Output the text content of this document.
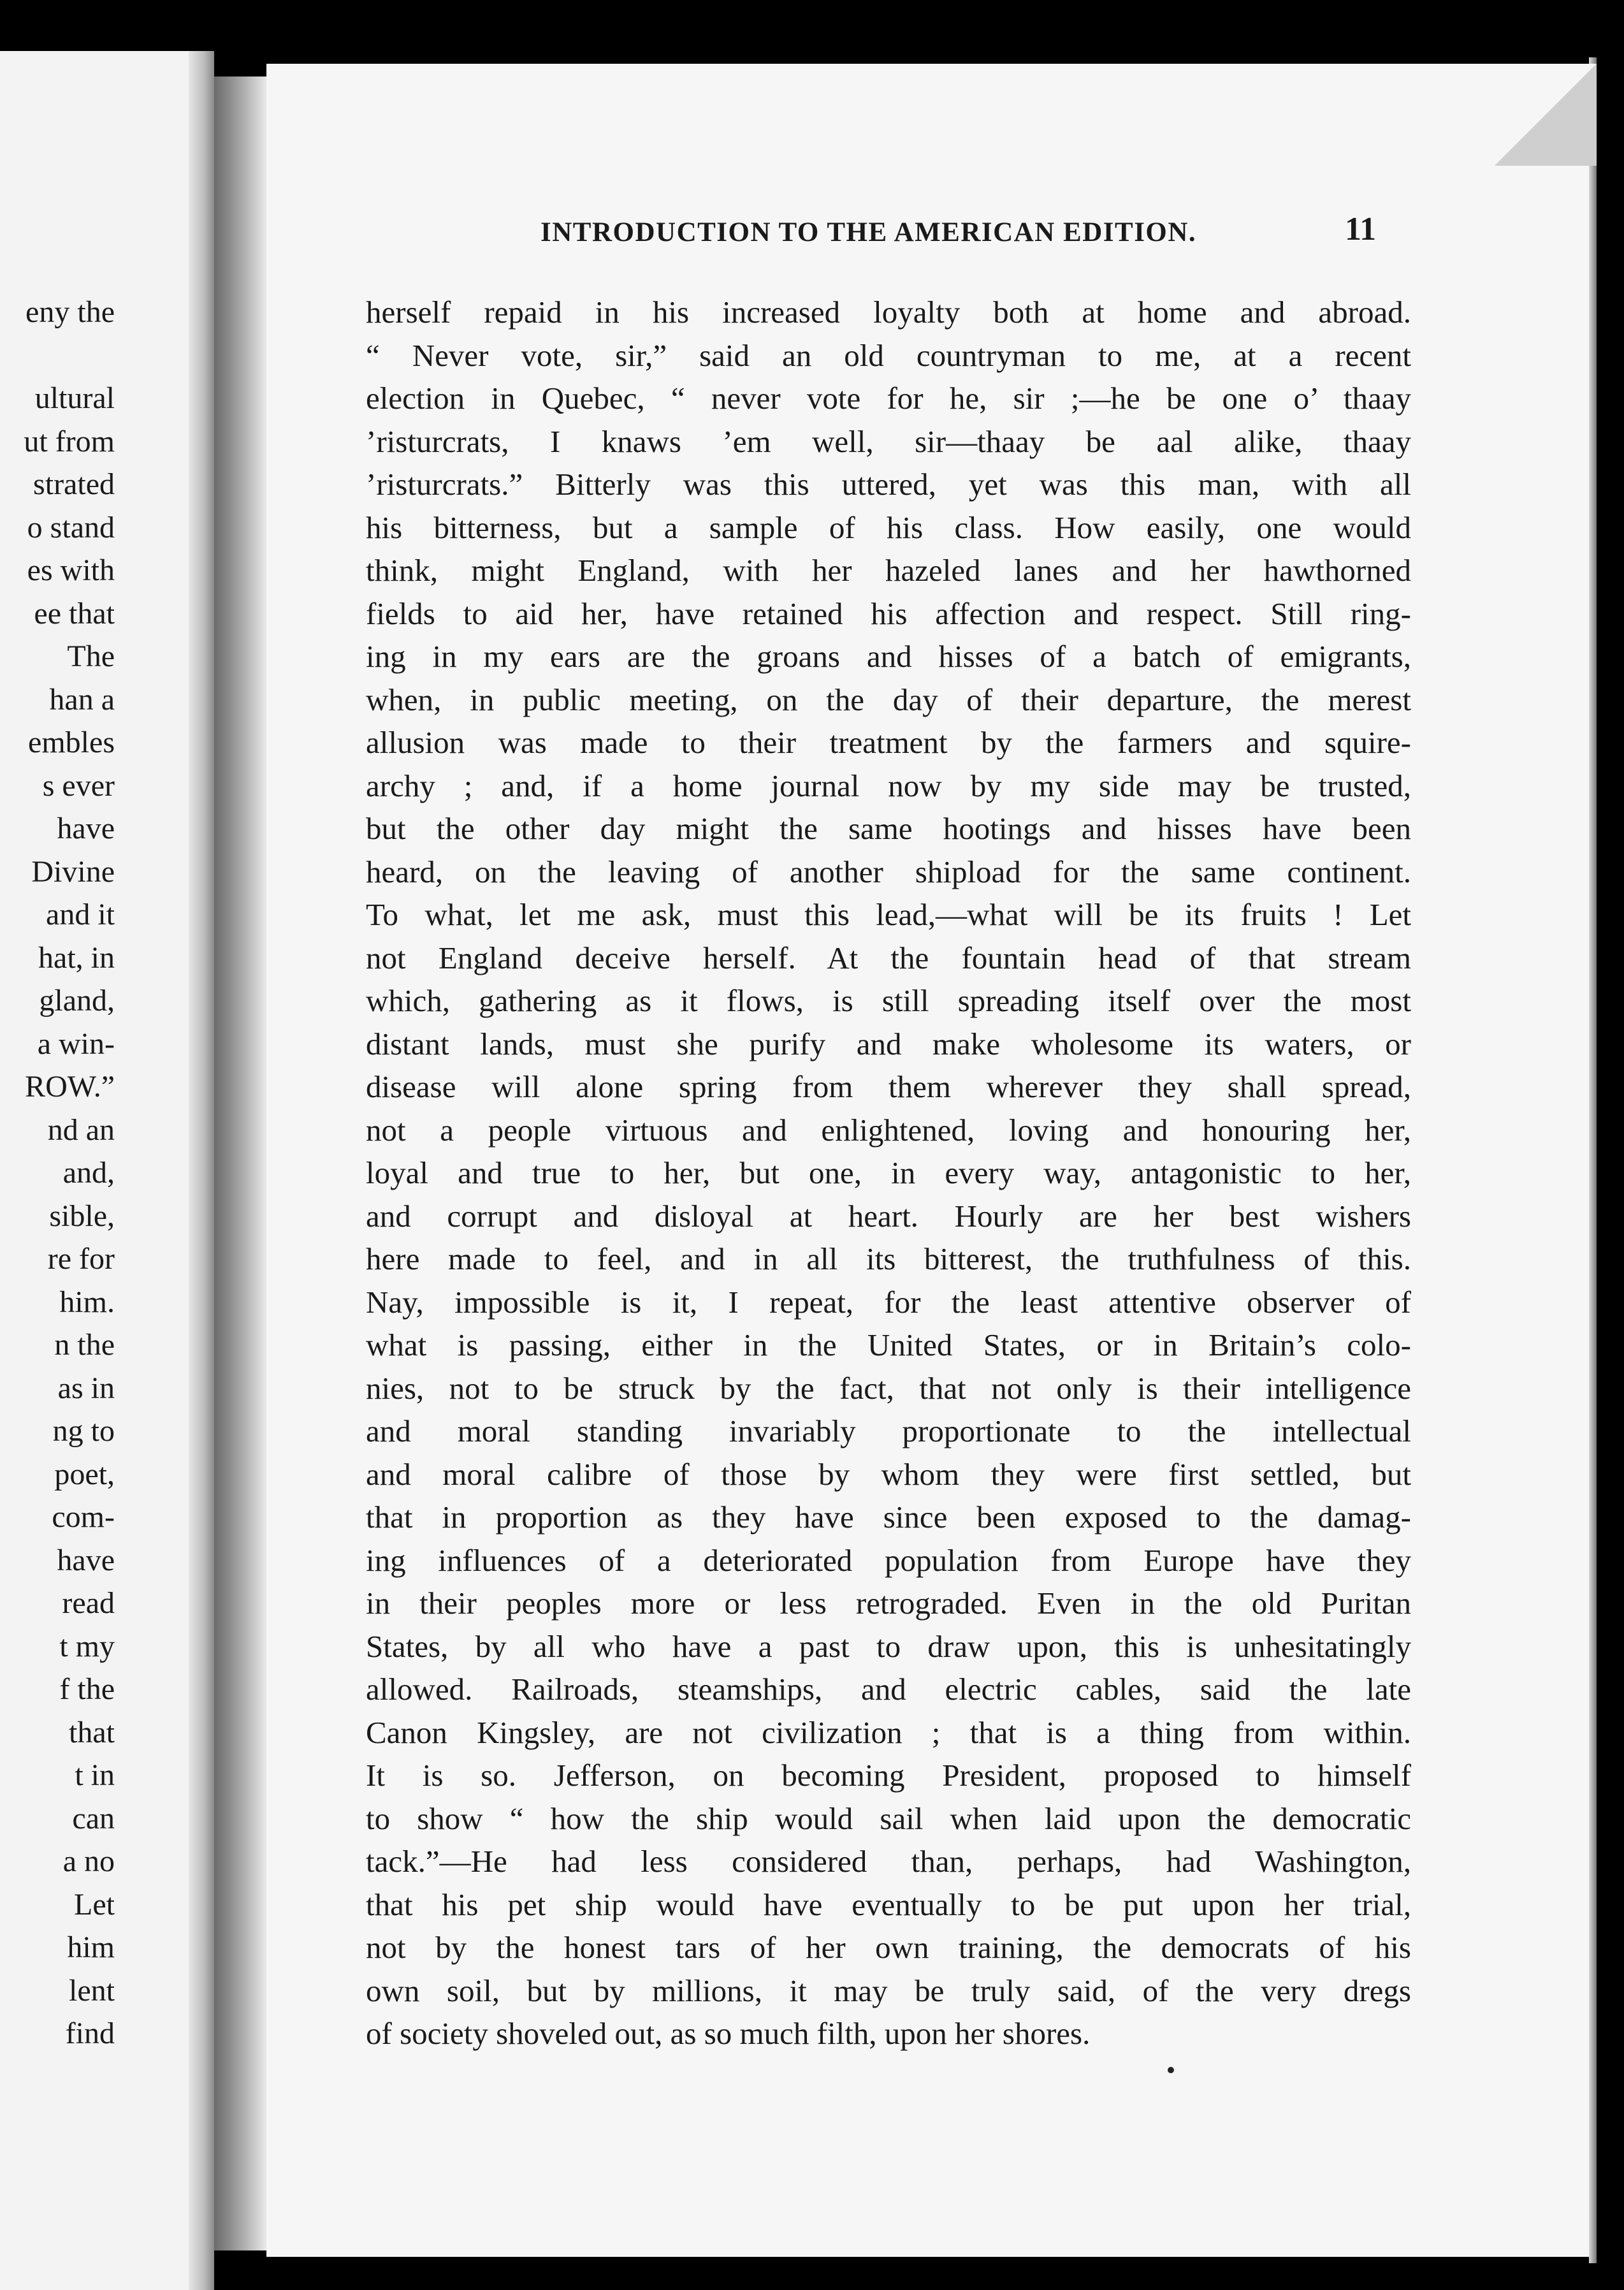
eny the
ultural
ut from
strated
o stand
es with
ee that
The
han a
embles
s ever
have
Divine
and it
hat, in
gland,
a win-
ROW.”
nd an
and,
sible,
re for
him.
n the
as in
ng to
poet,
com-
have
read
t my
f the
that
t in
can
a no
Let
him
lent
find
INTRODUCTION TO THE AMERICAN EDITION.	11
herself repaid in his increased loyalty both at home and abroad.
“ Never vote, sir,” said an old countryman to me, at a recent
election in Quebec, “ never vote for he, sir ;—he be one o’ thaay
’risturcrats, I knaws ’em well, sir—thaay be aal alike, thaay
’risturcrats.” Bitterly was this uttered, yet was this man, with all
his bitterness, but a sample of his class. How easily, one would
think, might England, with her hazeled lanes and her hawthorned
fields to aid her, have retained his affection and respect. Still ring-
ing in my ears are the groans and hisses of a batch of emigrants,
when, in public meeting, on the day of their departure, the merest
allusion was made to their treatment by the farmers and squire-
archy ; and, if a home journal now by my side may be trusted,
but the other day might the same hootings and hisses have been
heard, on the leaving of another shipload for the same continent.
To what, let me ask, must this lead,—what will be its fruits ! Let
not England deceive herself. At the fountain head of that stream
which, gathering as it flows, is still spreading itself over the most
distant lands, must she purify and make wholesome its waters, or
disease will alone spring from them wherever they shall spread,
not a people virtuous and enlightened, loving and honouring her,
loyal and true to her, but one, in every way, antagonistic to her,
and corrupt and disloyal at heart. Hourly are her best wishers
here made to feel, and in all its bitterest, the truthfulness of this.
Nay, impossible is it, I repeat, for the least attentive observer of
what is passing, either in the United States, or in Britain’s colo-
nies, not to be struck by the fact, that not only is their intelligence
and moral standing invariably proportionate to the intellectual
and moral calibre of those by whom they were first settled, but
that in proportion as they have since been exposed to the damag-
ing influences of a deteriorated population from Europe have they
in their peoples more or less retrograded. Even in the old Puritan
States, by all who have a past to draw upon, this is unhesitatingly
allowed. Railroads, steamships, and electric cables, said the late
Canon Kingsley, are not civilization ; that is a thing from within.
It is so. Jefferson, on becoming President, proposed to himself
to show “ how the ship would sail when laid upon the democratic
tack.”—He had less considered than, perhaps, had Washington,
that his pet ship would have eventually to be put upon her trial,
not by the honest tars of her own training, the democrats of his
own soil, but by millions, it may be truly said, of the very dregs
of society shoveled out, as so much filth, upon her shores.
